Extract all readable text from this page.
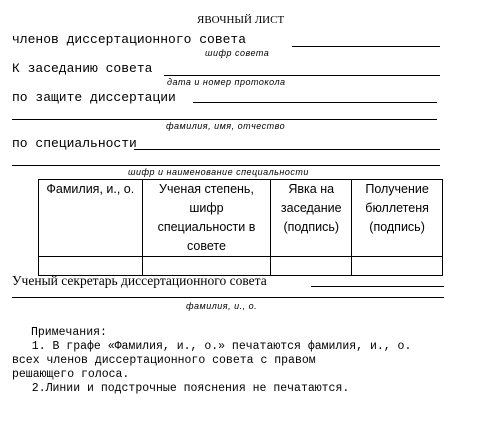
ЯВОЧНЫЙ ЛИСТ
членов диссертационного совета
шифр совета
К заседанию совета
дата и номер протокола
по защите диссертации
фамилия, имя, отчество
по специальности
шифр и наименование специальности
Фамилия, и., о.	Ученая степень, шифр специальности в совете	Явка на заседание (подпись)	Получение бюллетеня (подпись)

Ученый секретарь диссертационного совета
фамилия, и., о.
Примечания:
1. В графе «Фамилия, и., о.» печатаются фамилия, и., о.
всех членов диссертационного совета с правом
решающего голоса.
2.Линии и подстрочные пояснения не печатаются.
